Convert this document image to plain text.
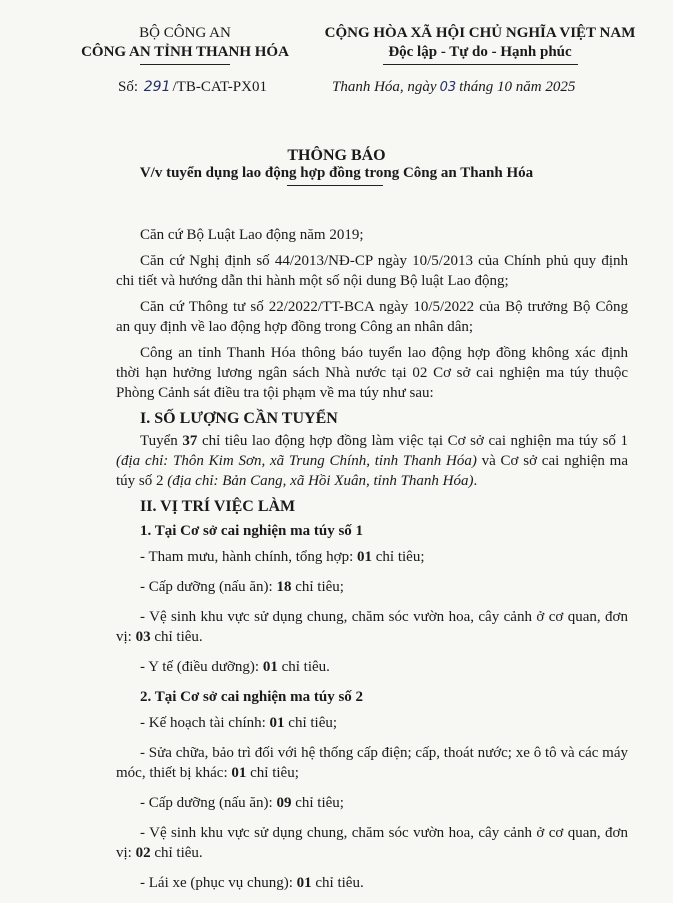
BỘ CÔNG AN
CÔNG AN TỈNH THANH HÓA
CỘNG HÒA XÃ HỘI CHỦ NGHĨA VIỆT NAM
Độc lập - Tự do - Hạnh phúc
Số: 291 /TB-CAT-PX01	Thanh Hóa, ngày 03 tháng 10 năm 2025
THÔNG BÁO
V/v tuyển dụng lao động hợp đồng trong Công an Thanh Hóa

Căn cứ Bộ Luật Lao động năm 2019;

Căn cứ Nghị định số 44/2013/NĐ-CP ngày 10/5/2013 của Chính phủ quy định chi tiết và hướng dẫn thi hành một số nội dung Bộ luật Lao động;

Căn cứ Thông tư số 22/2022/TT-BCA ngày 10/5/2022 của Bộ trưởng Bộ Công an quy định về lao động hợp đồng trong Công an nhân dân;

Công an tỉnh Thanh Hóa thông báo tuyển lao động hợp đồng không xác định thời hạn hưởng lương ngân sách Nhà nước tại 02 Cơ sở cai nghiện ma túy thuộc Phòng Cảnh sát điều tra tội phạm về ma túy như sau:

I. SỐ LƯỢNG CẦN TUYỂN

Tuyển 37 chỉ tiêu lao động hợp đồng làm việc tại Cơ sở cai nghiện ma túy số 1 (địa chỉ: Thôn Kim Sơn, xã Trung Chính, tỉnh Thanh Hóa) và Cơ sở cai nghiện ma túy số 2 (địa chỉ: Bản Cang, xã Hồi Xuân, tỉnh Thanh Hóa).

II. VỊ TRÍ VIỆC LÀM
1. Tại Cơ sở cai nghiện ma túy số 1
- Tham mưu, hành chính, tổng hợp: 01 chỉ tiêu;
- Cấp dưỡng (nấu ăn): 18 chỉ tiêu;
- Vệ sinh khu vực sử dụng chung, chăm sóc vườn hoa, cây cảnh ở cơ quan, đơn vị: 03 chỉ tiêu.
- Y tế (điều dưỡng): 01 chỉ tiêu.
2. Tại Cơ sở cai nghiện ma túy số 2
- Kế hoạch tài chính: 01 chỉ tiêu;
- Sửa chữa, bảo trì đối với hệ thống cấp điện; cấp, thoát nước; xe ô tô và các máy móc, thiết bị khác: 01 chỉ tiêu;
- Cấp dưỡng (nấu ăn): 09 chỉ tiêu;
- Vệ sinh khu vực sử dụng chung, chăm sóc vườn hoa, cây cảnh ở cơ quan, đơn vị: 02 chỉ tiêu.
- Lái xe (phục vụ chung): 01 chỉ tiêu.
